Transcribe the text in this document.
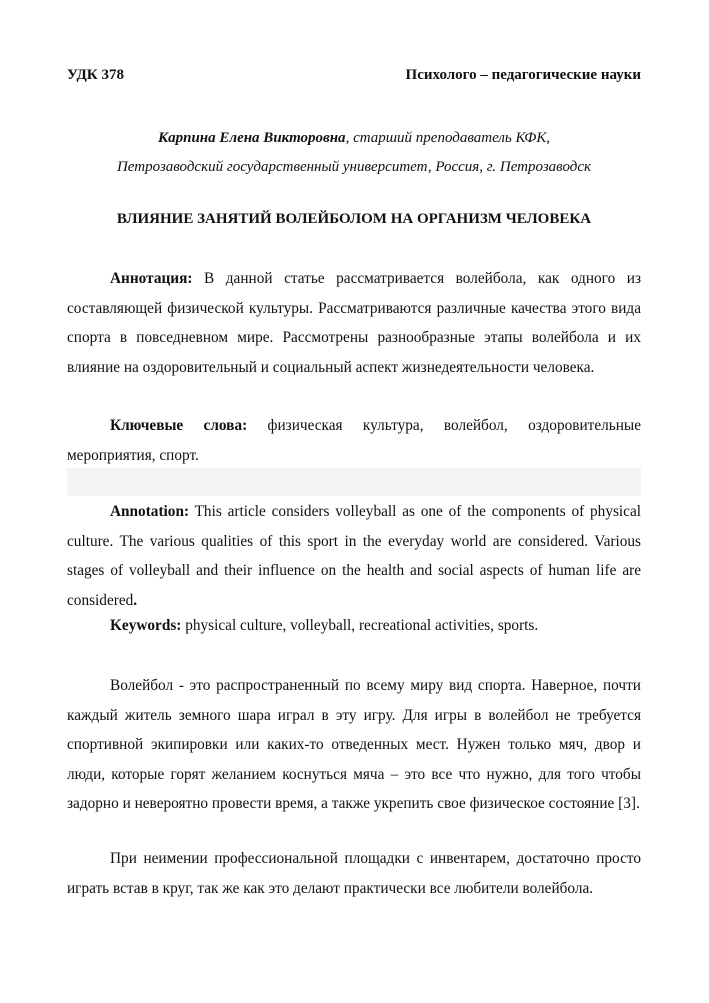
УДК 378	Психолого – педагогические науки
Карпина Елена Викторовна, старший преподаватель КФК,
Петрозаводский государственный университет, Россия, г. Петрозаводск
ВЛИЯНИЕ ЗАНЯТИЙ ВОЛЕЙБОЛОМ НА ОРГАНИЗМ ЧЕЛОВЕКА

Аннотация: В данной статье рассматривается волейбола, как одного из составляющей физической культуры. Рассматриваются различные качества этого вида спорта в повседневном мире. Рассмотрены разнообразные этапы волейбола и их влияние на оздоровительный и социальный аспект жизнедеятельности человека.

Ключевые слова: физическая культура, волейбол, оздоровительные мероприятия, спорт.

Annotation: This article considers volleyball as one of the components of physical culture. The various qualities of this sport in the everyday world are considered. Various stages of volleyball and their influence on the health and social aspects of human life are considered.

Keywords: physical culture, volleyball, recreational activities, sports.

Волейбол - это распространенный по всему миру вид спорта. Наверное, почти каждый житель земного шара играл в эту игру. Для игры в волейбол не требуется спортивной экипировки или каких-то отведенных мест. Нужен только мяч, двор и люди, которые горят желанием коснуться мяча – это все что нужно, для того чтобы задорно и невероятно провести время, а также укрепить свое физическое состояние [3].

При неимении профессиональной площадки с инвентарем, достаточно просто играть встав в круг, так же как это делают практически все любители волейбола.
